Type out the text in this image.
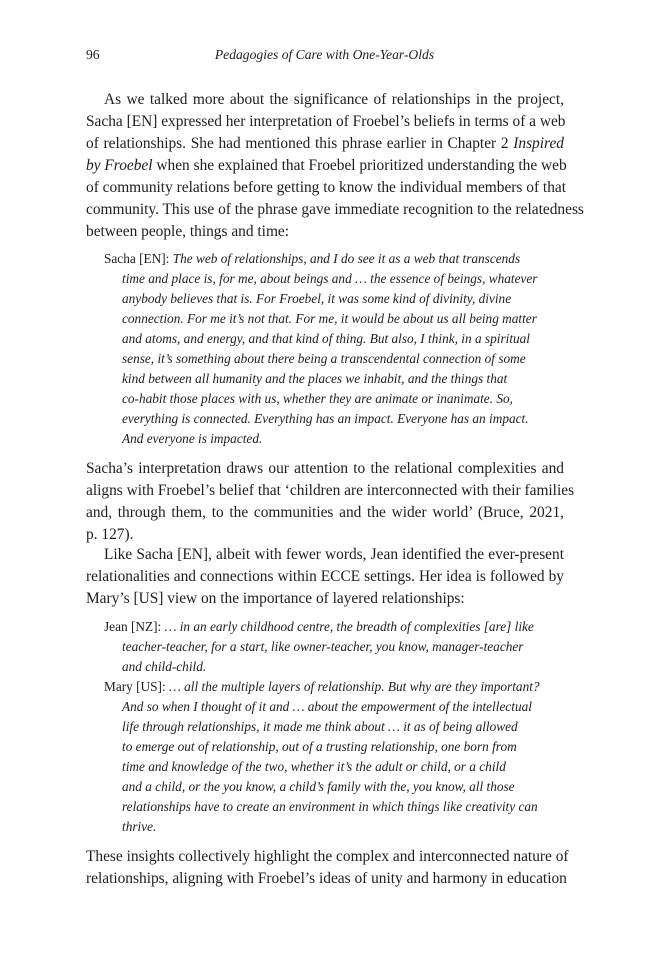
96	Pedagogies of Care with One-Year-Olds
As we talked more about the significance of relationships in the project,
Sacha [EN] expressed her interpretation of Froebel’s beliefs in terms of a web
of relationships. She had mentioned this phrase earlier in Chapter 2 Inspired
by Froebel when she explained that Froebel prioritized understanding the web
of community relations before getting to know the individual members of that
community. This use of the phrase gave immediate recognition to the relatedness
between people, things and time:
Sacha [EN]: The web of relationships, and I do see it as a web that transcends
time and place is, for me, about beings and … the essence of beings, whatever
anybody believes that is. For Froebel, it was some kind of divinity, divine
connection. For me it’s not that. For me, it would be about us all being matter
and atoms, and energy, and that kind of thing. But also, I think, in a spiritual
sense, it’s something about there being a transcendental connection of some
kind between all humanity and the places we inhabit, and the things that
co-habit those places with us, whether they are animate or inanimate. So,
everything is connected. Everything has an impact. Everyone has an impact.
And everyone is impacted.
Sacha’s interpretation draws our attention to the relational complexities and
aligns with Froebel’s belief that ‘children are interconnected with their families
and, through them, to the communities and the wider world’ (Bruce, 2021,
p. 127).
Like Sacha [EN], albeit with fewer words, Jean identified the ever-present
relationalities and connections within ECCE settings. Her idea is followed by
Mary’s [US] view on the importance of layered relationships:
Jean [NZ]: … in an early childhood centre, the breadth of complexities [are] like
teacher-teacher, for a start, like owner-teacher, you know, manager-teacher
and child-child.
Mary [US]: … all the multiple layers of relationship. But why are they important?
And so when I thought of it and … about the empowerment of the intellectual
life through relationships, it made me think about … it as of being allowed
to emerge out of relationship, out of a trusting relationship, one born from
time and knowledge of the two, whether it’s the adult or child, or a child
and a child, or the you know, a child’s family with the, you know, all those
relationships have to create an environment in which things like creativity can
thrive.
These insights collectively highlight the complex and interconnected nature of
relationships, aligning with Froebel’s ideas of unity and harmony in education
